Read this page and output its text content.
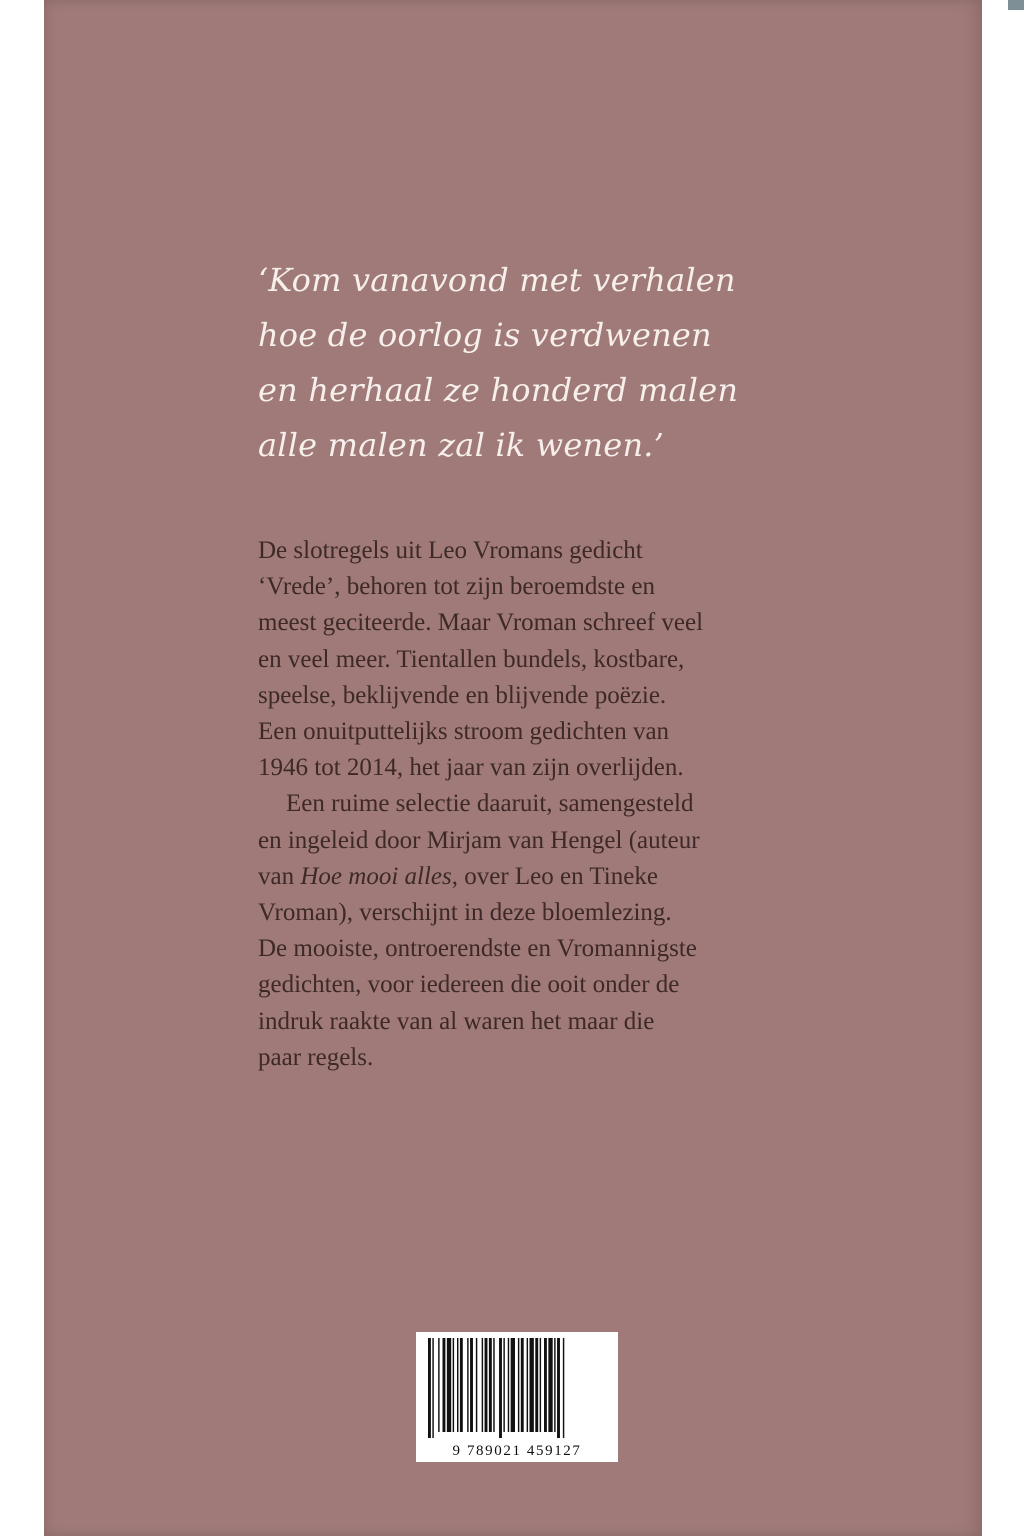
‘Kom vanavond met verhalen
hoe de oorlog is verdwenen
en herhaal ze honderd malen
alle malen zal ik wenen.’
De slotregels uit Leo Vromans gedicht
‘Vrede’, behoren tot zijn beroemdste en
meest geciteerde. Maar Vroman schreef veel
en veel meer. Tientallen bundels, kostbare,
speelse, beklijvende en blijvende poëzie.
Een onuitputtelijks stroom gedichten van
1946 tot 2014, het jaar van zijn overlijden.
Een ruime selectie daaruit, samengesteld
en ingeleid door Mirjam van Hengel (auteur
van Hoe mooi alles, over Leo en Tineke
Vroman), verschijnt in deze bloemlezing.
De mooiste, ontroerendste en Vromannigste
gedichten, voor iedereen die ooit onder de
indruk raakte van al waren het maar die
paar regels.
9 789021 459127
